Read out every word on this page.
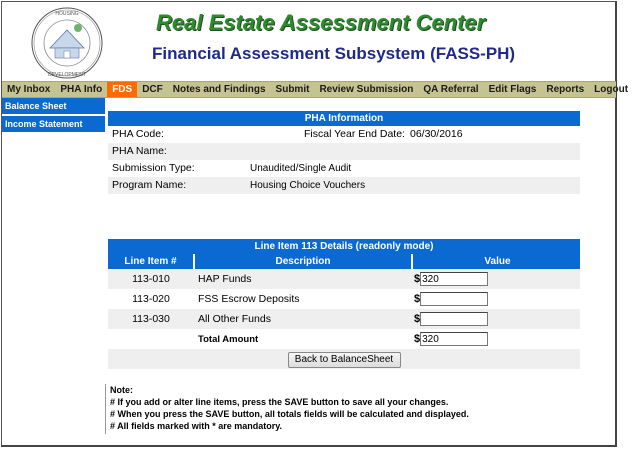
HOUSING
DEVELOPMENT
Real Estate Assessment Center
Financial Assessment Subsystem (FASS-PH)
My Inbox	PHA Info	FDS	DCF	Notes and Findings	Submit	Review Submission	QA Referral	Edit Flags	Reports	Logout
Balance Sheet
Income Statement	PHA Information
PHA Code:	Fiscal Year End Date: 06/30/2016
PHA Name:
Submission Type:	Unaudited/Single Audit
Program Name:	Housing Choice Vouchers
Line Item 113 Details (readonly mode)
Line Item #	Description	Value
113-010	HAP Funds	$320
113-020	FSS Escrow Deposits	$
113-030	All Other Funds	$
	Total Amount	$320
Back to BalanceSheet		
Note:
# If you add or alter line items, press the SAVE button to save all your changes.
# When you press the SAVE button, all totals fields will be calculated and displayed.
# All fields marked with * are mandatory.
